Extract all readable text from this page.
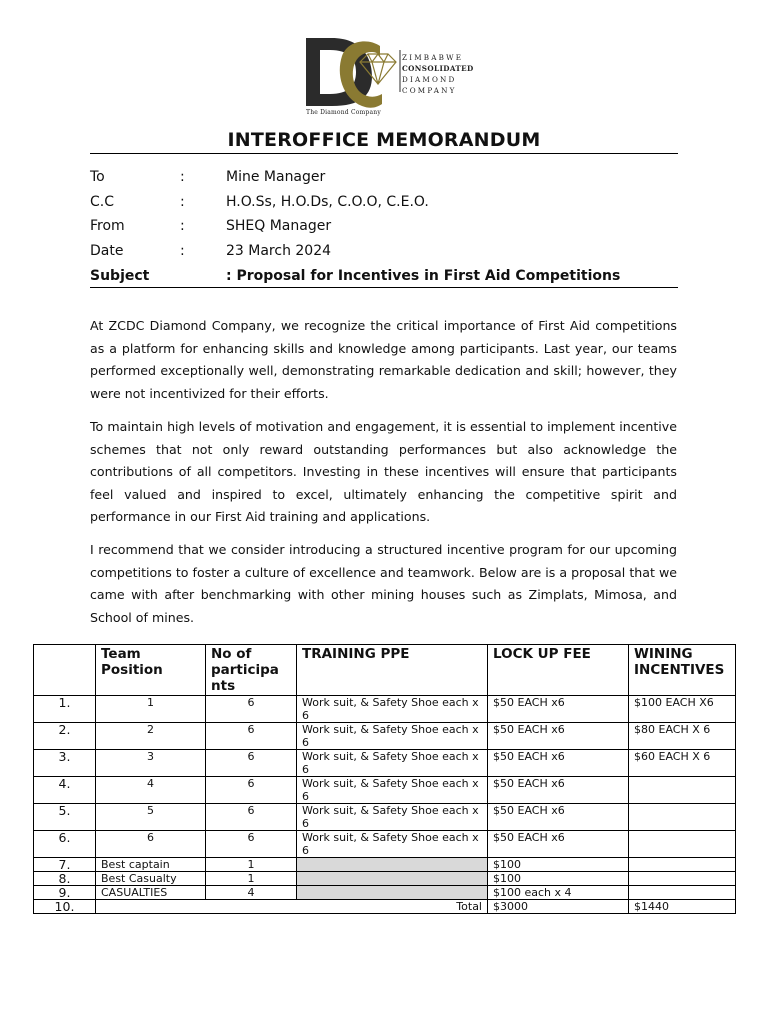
ZIMBABWE
CONSOLIDATED
DIAMOND
COMPANY
The Diamond Company
INTEROFFICE MEMORANDUM
To	:	Mine Manager
C.C	:	H.O.Ss, H.O.Ds, C.O.O, C.E.O.
From	:	SHEQ Manager
Date	:	23 March 2024
Subject	: Proposal for Incentives in First Aid Competitions

At ZCDC Diamond Company, we recognize the critical importance of First Aid competitions as a platform for enhancing skills and knowledge among participants. Last year, our teams performed exceptionally well, demonstrating remarkable dedication and skill; however, they were not incentivized for their efforts.

To maintain high levels of motivation and engagement, it is essential to implement incentive schemes that not only reward outstanding performances but also acknowledge the contributions of all competitors. Investing in these incentives will ensure that participants feel valued and inspired to excel, ultimately enhancing the competitive spirit and performance in our First Aid training and applications.

I recommend that we consider introducing a structured incentive program for our upcoming competitions to foster a culture of excellence and teamwork. Below are is a proposal that we came with after benchmarking with other mining houses such as Zimplats, Mimosa, and School of mines.

	Team Position	No of participa nts	TRAINING PPE	LOCK UP FEE	WINING INCENTIVES
1.	1	6	Work suit, & Safety Shoe each x 6	$50 EACH x6	$100 EACH X6
2.	2	6	Work suit, & Safety Shoe each x 6	$50 EACH x6	$80 EACH X 6
3.	3	6	Work suit, & Safety Shoe each x 6	$50 EACH x6	$60 EACH X 6
4.	4	6	Work suit, & Safety Shoe each x 6	$50 EACH x6	
5.	5	6	Work suit, & Safety Shoe each x 6	$50 EACH x6	
6.	6	6	Work suit, & Safety Shoe each x 6	$50 EACH x6	
7.	Best captain	1		$100	
8.	Best Casualty	1		$100	
9.	CASUALTIES	4		$100 each x 4	
10.	Total			$3000	$1440
